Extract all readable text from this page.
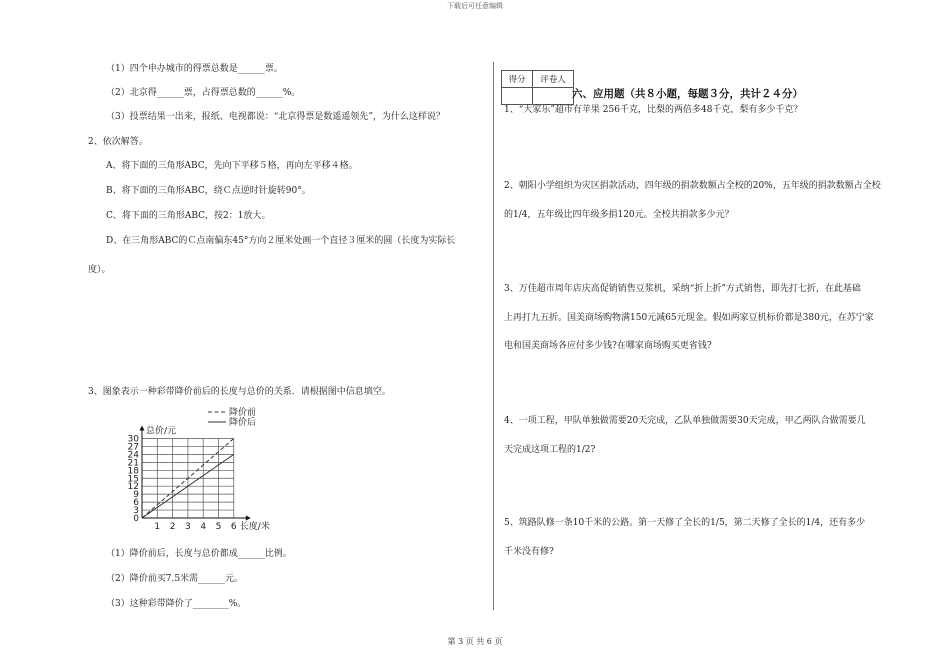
下载后可任意编辑
（1）四个申办城市的得票总数是______票。
（2）北京得______票，占得票总数的______%。
（3）投票结果一出来，报纸、电视都说：“北京得票是数遥遥领先”，为什么这样说？
2、依次解答。
A、将下面的三角形ABC，先向下平移５格，再向左平移４格。
B、将下面的三角形ABC，绕Ｃ点逆时针旋转90°。
C、将下面的三角形ABC，按2：1放大。
D、在三角形ABC的Ｃ点南偏东45°方向２厘米处画一个直径３厘米的圆（长度为实际长
度）。
3、图象表示一种彩带降价前后的长度与总价的关系．请根据图中信息填空。
0
3
6
9
12
15
18
21
24
27
30
1 2 3 4 5 6
降价前
降价后
总价/元
长度/米
（1）降价前后，长度与总价都成______比例。
（2）降价前买7.5米需______元。
（3）这种彩带降价了________%。
得分	评卷人

六、应用题（共８小题，每题３分，共计２４分）
1、“大家乐”超市有苹果 256千克，比梨的两倍多48千克，梨有多少千克？
2、朝阳小学组织为灾区捐款活动，四年级的捐款数额占全校的20%，五年级的捐款数额占全校
的1/4，五年级比四年级多捐120元。全校共捐款多少元？
3、万佳超市周年店庆高促销销售豆浆机，采纳“折上折”方式销售，即先打七折，在此基础
上再打九五折。国美商场购物满150元减65元现金。假如两家豆机标价都是380元，在苏宁家
电和国美商场各应付多少钱?在哪家商场购买更省钱?
4、一项工程，甲队单独做需要20天完成，乙队单独做需要30天完成，甲乙两队合做需要几
天完成这项工程的1/2?
5、筑路队修一条10千米的公路。第一天修了全长的1/5，第二天修了全长的1/4，还有多少
千米没有修?
第 3 页 共 6 页
